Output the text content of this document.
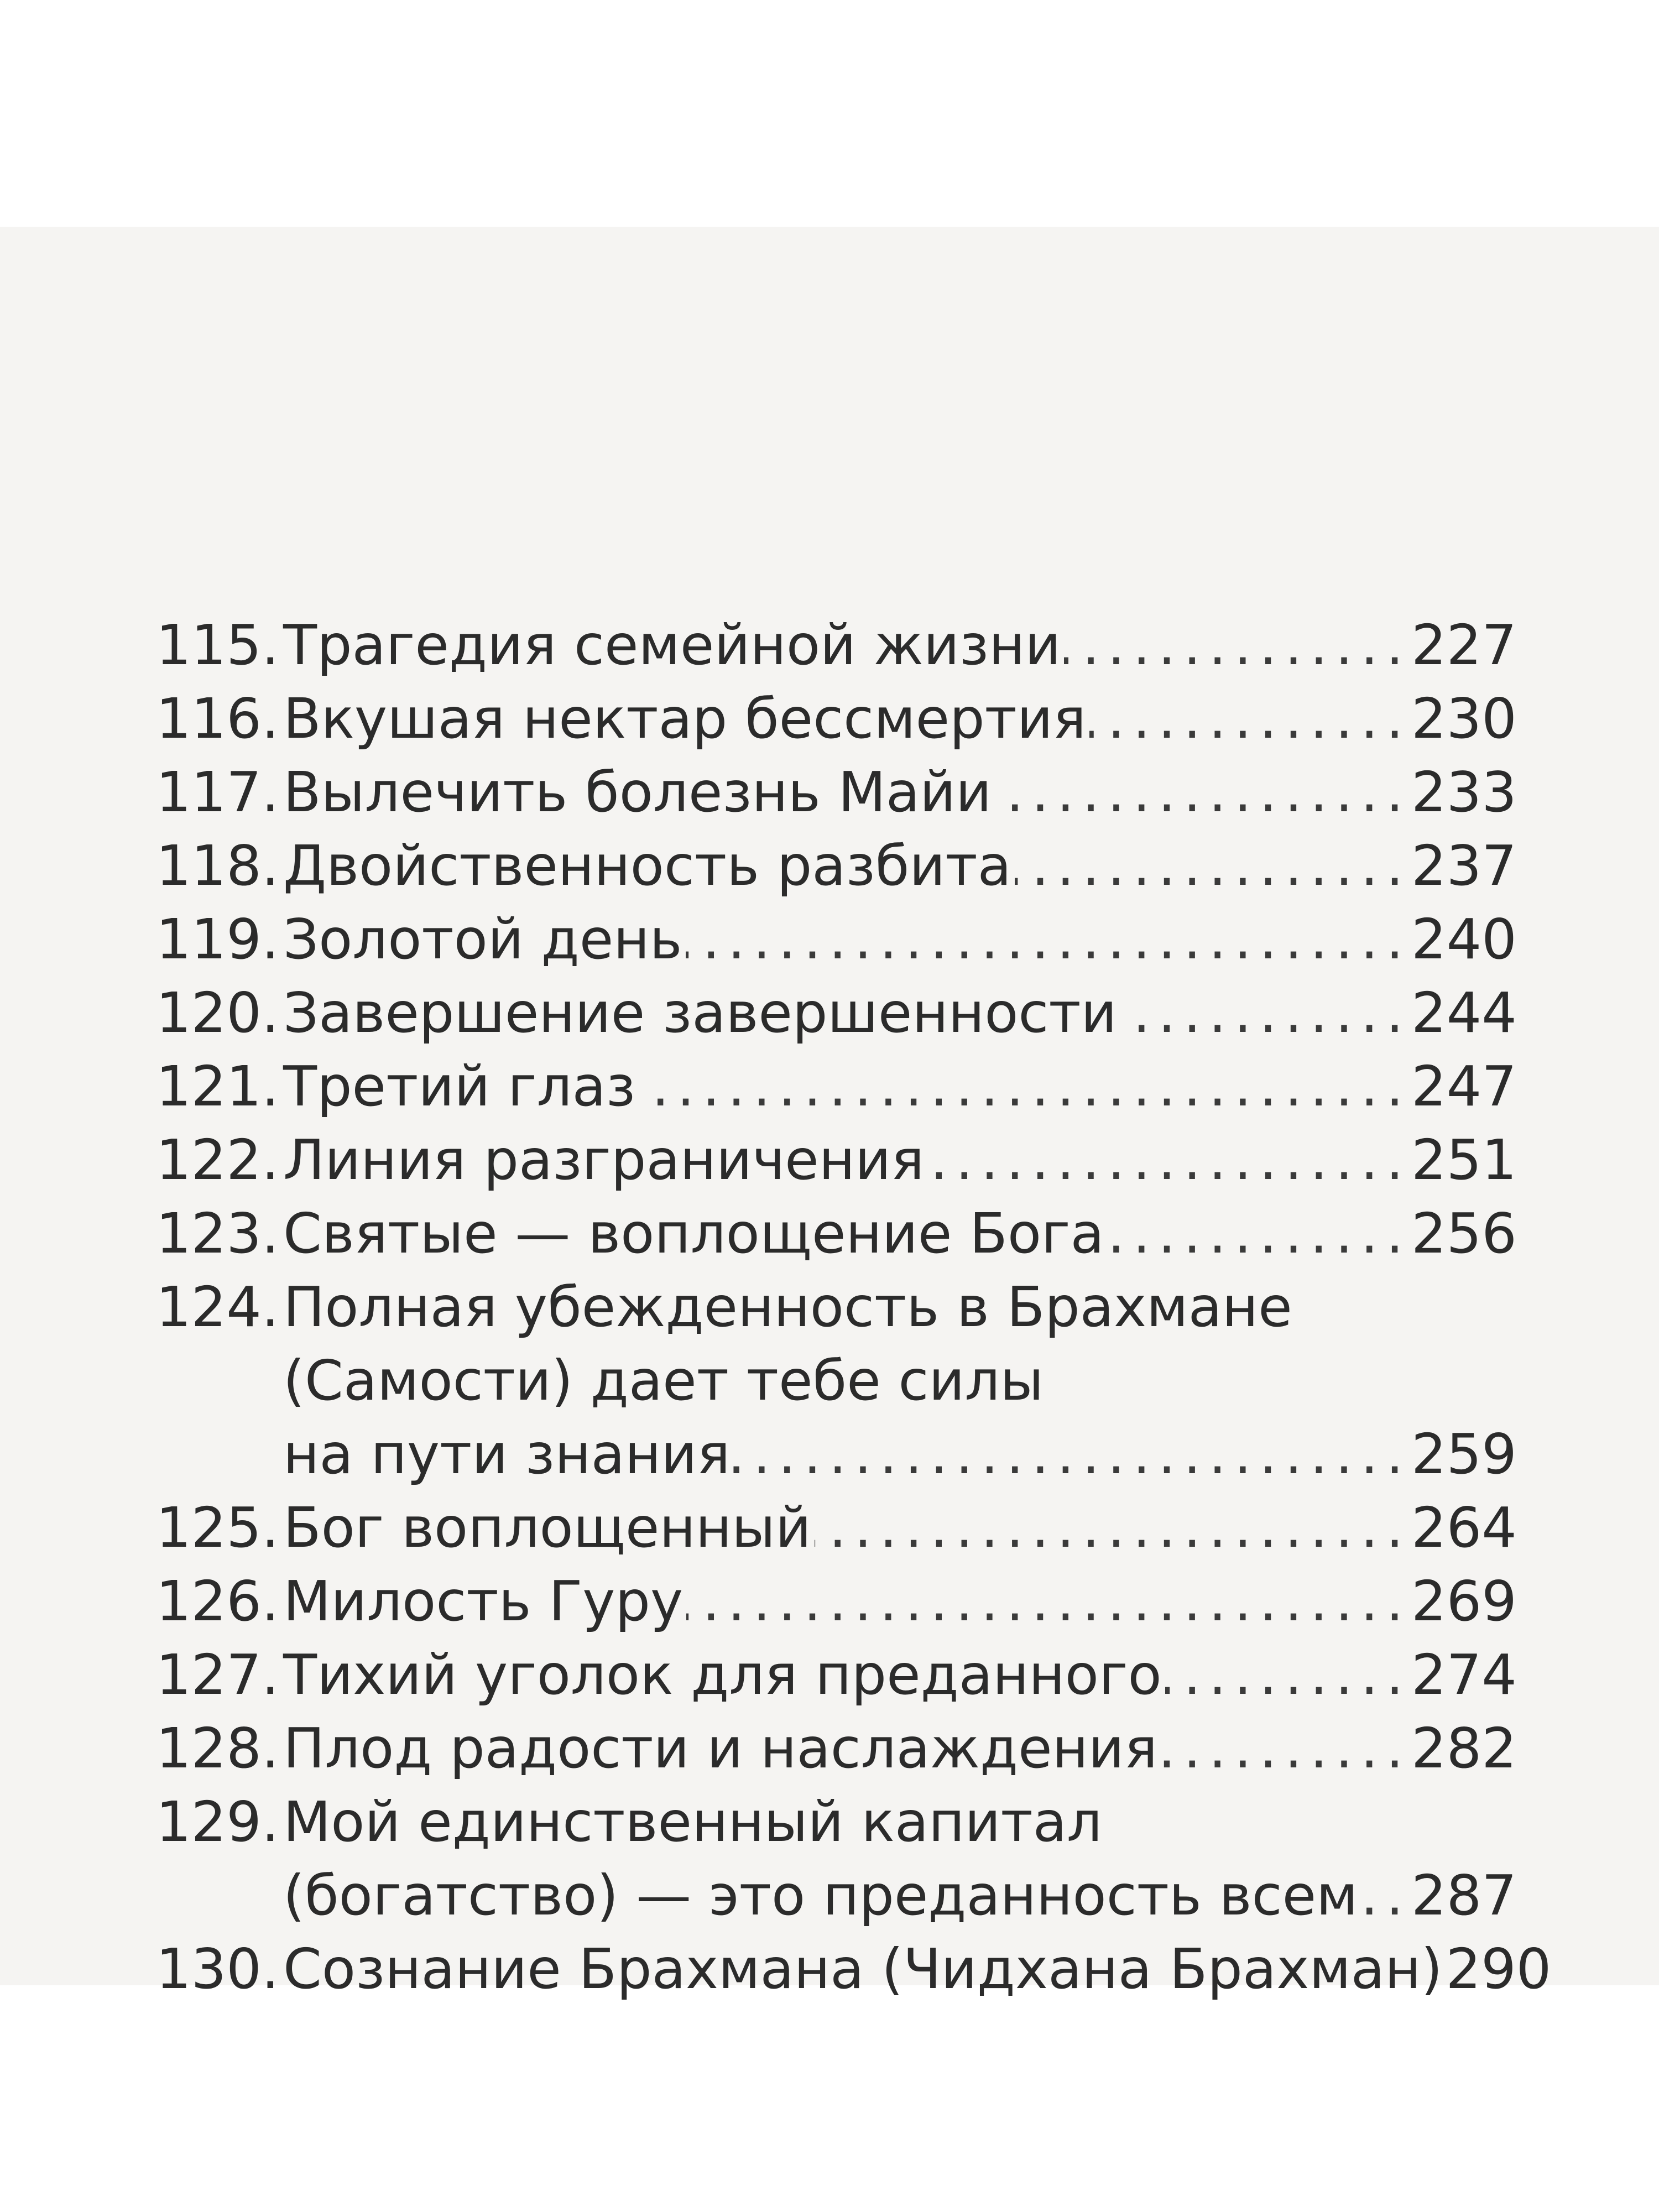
115. Трагедия семейной жизни .....	227
116. Вкушая нектар бессмертия .....	230
117. Вылечить болезнь Майи .....	233
118. Двойственность разбита .....	237
119. Золотой день .....	240
120. Завершение завершенности .....	244
121. Третий глаз .....	247
122. Линия разграничения .....	251
123. Святые — воплощение Бога .....	256
124. Полная убежденность в Брахмане
(Самости) дает тебе силы
на пути знания .....	259
125. Бог воплощенный .....	264
126. Милость Гуру .....	269
127. Тихий уголок для преданного .....	274
128. Плод радости и наслаждения .....	282
129. Мой единственный капитал
(богатство) — это преданность всем ..... 287
130. Сознание Брахмана (Чидхана Брахман) 290
